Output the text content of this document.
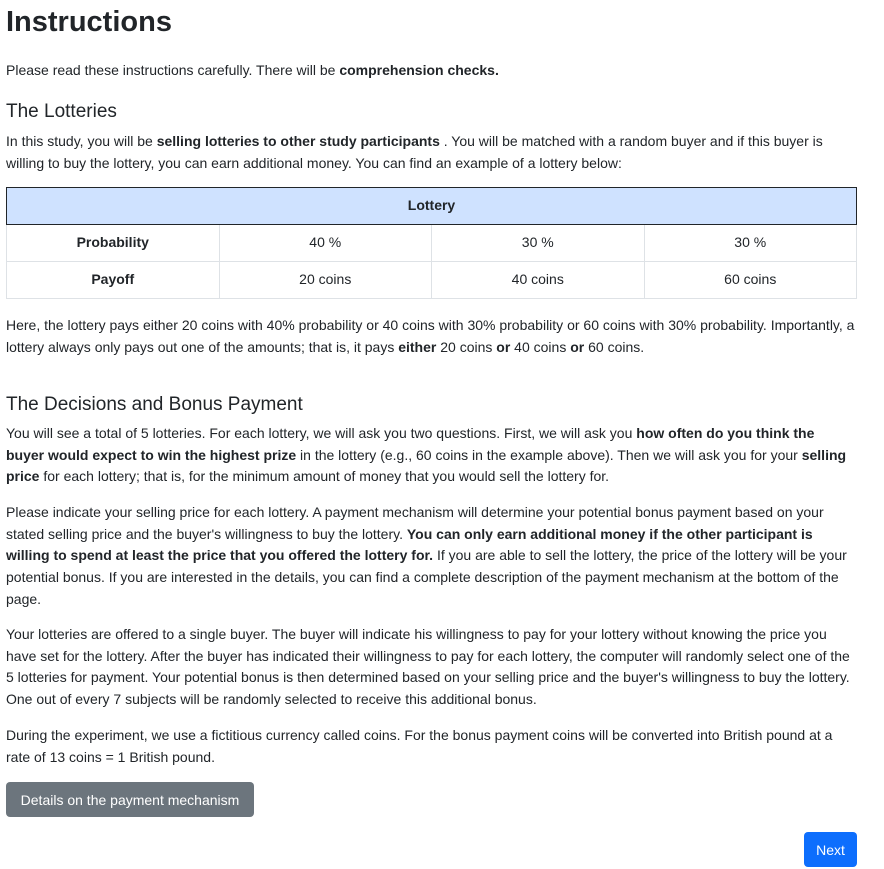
Instructions

Please read these instructions carefully. There will be comprehension checks.

The Lotteries

In this study, you will be selling lotteries to other study participants . You will be matched with a random buyer and if this buyer is willing to buy the lottery, you can earn additional money. You can find an example of a lottery below:

Lottery			
Probability	40 %	30 %	30 %
Payoff	20 coins	40 coins	60 coins

Here, the lottery pays either 20 coins with 40% probability or 40 coins with 30% probability or 60 coins with 30% probability. Importantly, a lottery always only pays out one of the amounts; that is, it pays either 20 coins or 40 coins or 60 coins.

The Decisions and Bonus Payment

You will see a total of 5 lotteries. For each lottery, we will ask you two questions. First, we will ask you how often do you think the buyer would expect to win the highest prize in the lottery (e.g., 60 coins in the example above). Then we will ask you for your selling price for each lottery; that is, for the minimum amount of money that you would sell the lottery for.

Please indicate your selling price for each lottery. A payment mechanism will determine your potential bonus payment based on your stated selling price and the buyer's willingness to buy the lottery. You can only earn additional money if the other participant is willing to spend at least the price that you offered the lottery for. If you are able to sell the lottery, the price of the lottery will be your potential bonus. If you are interested in the details, you can find a complete description of the payment mechanism at the bottom of the page.

Your lotteries are offered to a single buyer. The buyer will indicate his willingness to pay for your lottery without knowing the price you have set for the lottery. After the buyer has indicated their willingness to pay for each lottery, the computer will randomly select one of the 5 lotteries for payment. Your potential bonus is then determined based on your selling price and the buyer's willingness to buy the lottery. One out of every 7 subjects will be randomly selected to receive this additional bonus.

During the experiment, we use a fictitious currency called coins. For the bonus payment coins will be converted into British pound at a rate of 13 coins = 1 British pound.

Details on the payment mechanism
Next
